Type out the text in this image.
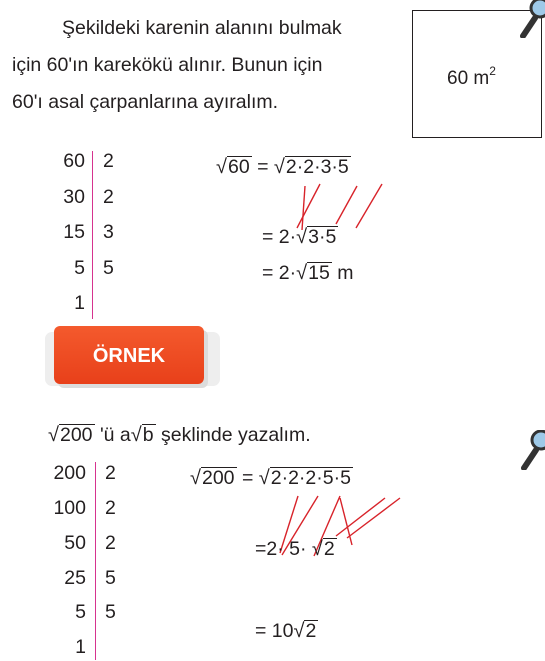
Şekildeki karenin alanını bulmak
için 60'ın karekökü alınır. Bunun için
60'ı asal çarpanlarına ayıralım.
60 $m^2$
60
30
15
5
1
2
2
3
5
√60 = √2·2·3·5
= 2·√3·5
= 2·√15 m
ÖRNEK
√200 'ü a√b şeklinde yazalım.
200
100
50
25
5
1
2
2
2
5
5
√200 = √2·2·2·5·5
=2· 5· √2
= 10√2
